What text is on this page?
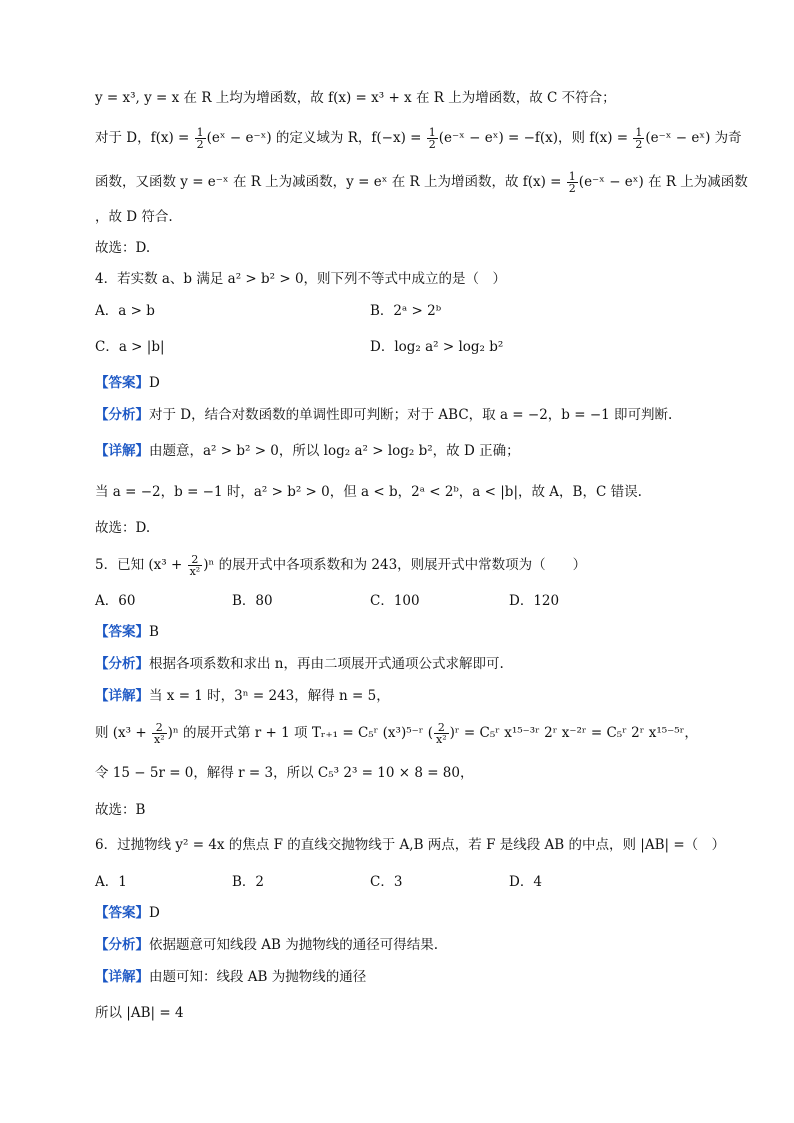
y = x³, y = x 在 R 上均为增函数，故 f(x) = x³ + x 在 R 上为增函数，故 C 不符合；
对于 D，$f(x) = \frac{1}{2}$ (eˣ − e⁻ˣ) 的定义域为 R，$f(-x) = \frac{1}{2}$ (e⁻ˣ − eˣ) = −f(x)，则 $f(x) = \frac{1}{2}$ (e⁻ˣ − eˣ) 为奇
函数，又函数 y = e⁻ˣ 在 R 上为减函数，y = eˣ 在 R 上为增函数，故 $f(x) = \frac{1}{2}$ (e⁻ˣ − eˣ) 在 R 上为减函数
，故 D 符合.
故选：D.
4．若实数 a、b 满足 a² > b² > 0，则下列不等式中成立的是（　）
A．a > b	B．2ᵃ > 2ᵇ
C．a > |b|	D．log₂ a² > log₂ b²
【答案】D
【分析】对于 D，结合对数函数的单调性即可判断；对于 ABC，取 a = −2，b = −1 即可判断.
【详解】由题意，a² > b² > 0，所以 log₂ a² > log₂ b²，故 D 正确；
当 a = −2，b = −1 时，a² > b² > 0，但 a < b，2ᵃ < 2ᵇ，a < |b|，故 A，B，C 错误.
故选：D.
5．已知 $(x^3 + \frac{2}{\text{x²}} )^n$ 的展开式中各项系数和为 243，则展开式中常数项为（　　）
A．60	B．80	C．100	D．120
【答案】B
【分析】根据各项系数和求出 n，再由二项展开式通项公式求解即可.
【详解】当 x = 1 时，3ⁿ = 243，解得 n = 5，
则 $(x^3 + \frac{2}{\text{x²}} )^n$ 的展开式第 r + 1 项 Tᵣ₊₁ = C₅ʳ (x³)⁵⁻ʳ ( $\frac{2}{\text{x²}}$ )ʳ = C₅ʳ x¹⁵⁻³ʳ 2ʳ x⁻²ʳ = C₅ʳ 2ʳ x¹⁵⁻⁵ʳ，
令 15 − 5r = 0，解得 r = 3，所以 C₅³ 2³ = 10 × 8 = 80，
故选：B
6．过抛物线 y² = 4x 的焦点 F 的直线交抛物线于 A,B 两点，若 F 是线段 AB 的中点，则 |AB| =（　）
A．1	B．2	C．3	D．4
【答案】D
【分析】依据题意可知线段 AB 为抛物线的通径可得结果.
【详解】由题可知：线段 AB 为抛物线的通径
所以 |AB| = 4
